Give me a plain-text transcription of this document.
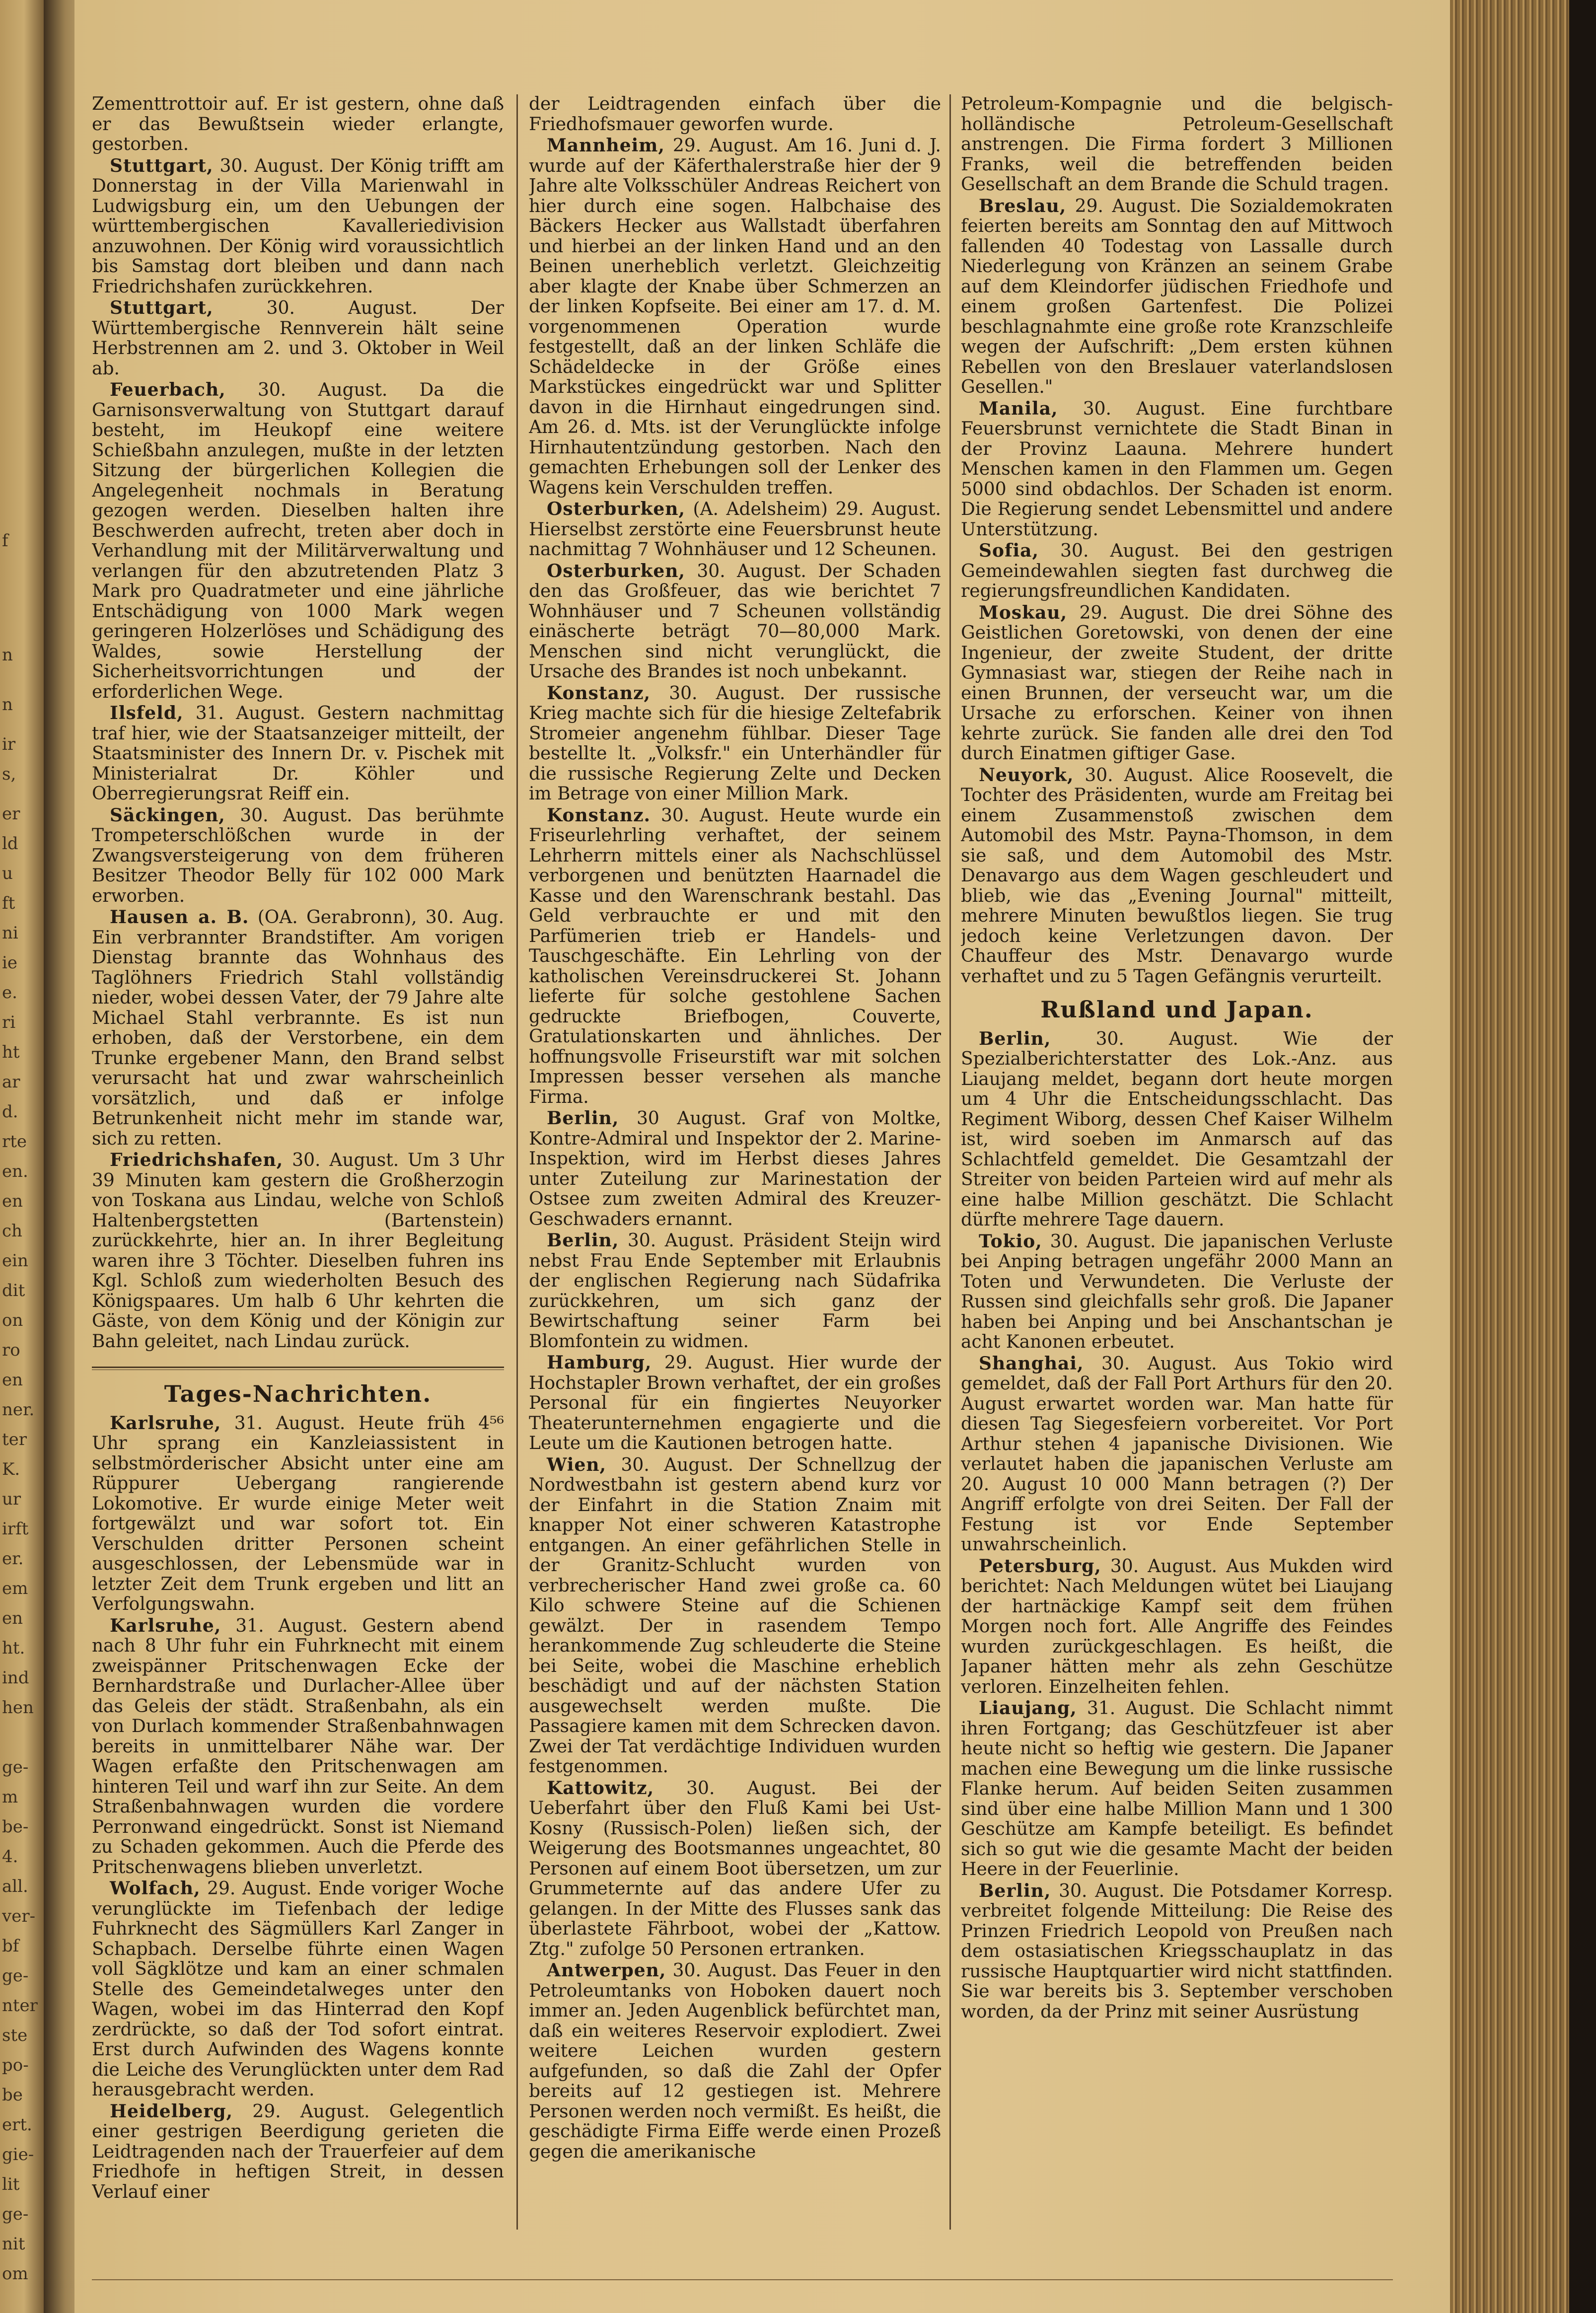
f
n
n
ir
s,
er
ld
u
ft
ni
ie
e.
ri
ht
ar
d.
rte
en.
en
ch
ein
dit
on
ro
en
ner.
ter
K.
ur
irft
er.
em
en
ht.
ind
hen
ge-
m
be-
4.
all.
ver-
bf
ge-
nter
ste
po-
be
ert.
gie-
lit
ge-
nit
om

Zementtrottoir auf. Er ist gestern, ohne daß er das Bewußtsein wieder erlangte, gestorben.

Stuttgart, 30. August. Der König trifft am Donnerstag in der Villa Marienwahl in Ludwigsburg ein, um den Uebungen der württembergischen Kavalleriedivision anzuwohnen. Der König wird voraussichtlich bis Samstag dort bleiben und dann nach Friedrichshafen zurückkehren.

Stuttgart, 30. August. Der Württembergische Rennverein hält seine Herbstrennen am 2. und 3. Oktober in Weil ab.

Feuerbach, 30. August. Da die Garnisonsverwaltung von Stuttgart darauf besteht, im Heukopf eine weitere Schießbahn anzulegen, mußte in der letzten Sitzung der bürgerlichen Kollegien die Angelegenheit nochmals in Beratung gezogen werden. Dieselben halten ihre Beschwerden aufrecht, treten aber doch in Verhandlung mit der Militärverwaltung und verlangen für den abzutretenden Platz 3 Mark pro Quadratmeter und eine jährliche Entschädigung von 1000 Mark wegen geringeren Holzerlöses und Schädigung des Waldes, sowie Herstellung der Sicherheitsvorrichtungen und der erforderlichen Wege.

Ilsfeld, 31. August. Gestern nachmittag traf hier, wie der Staatsanzeiger mitteilt, der Staatsminister des Innern Dr. v. Pischek mit Ministerialrat Dr. Köhler und Oberregierungsrat Reiff ein.

Säckingen, 30. August. Das berühmte Trompeterschlößchen wurde in der Zwangsversteigerung von dem früheren Besitzer Theodor Belly für 102 000 Mark erworben.

Hausen a. B. (OA. Gerabronn), 30. Aug. Ein verbrannter Brandstifter. Am vorigen Dienstag brannte das Wohnhaus des Taglöhners Friedrich Stahl vollständig nieder, wobei dessen Vater, der 79 Jahre alte Michael Stahl verbrannte. Es ist nun erhoben, daß der Verstorbene, ein dem Trunke ergebener Mann, den Brand selbst verursacht hat und zwar wahrscheinlich vorsätzlich, und daß er infolge Betrunkenheit nicht mehr im stande war, sich zu retten.

Friedrichshafen, 30. August. Um 3 Uhr 39 Minuten kam gestern die Großherzogin von Toskana aus Lindau, welche von Schloß Haltenbergstetten (Bartenstein) zurückkehrte, hier an. In ihrer Begleitung waren ihre 3 Töchter. Dieselben fuhren ins Kgl. Schloß zum wiederholten Besuch des Königspaares. Um halb 6 Uhr kehrten die Gäste, von dem König und der Königin zur Bahn geleitet, nach Lindau zurück.

Tages-Nachrichten.

Karlsruhe, 31. August. Heute früh 4⁵⁶ Uhr sprang ein Kanzleiassistent in selbstmörderischer Absicht unter eine am Rüppurer Uebergang rangierende Lokomotive. Er wurde einige Meter weit fortgewälzt und war sofort tot. Ein Verschulden dritter Personen scheint ausgeschlossen, der Lebensmüde war in letzter Zeit dem Trunk ergeben und litt an Verfolgungswahn.

Karlsruhe, 31. August. Gestern abend nach 8 Uhr fuhr ein Fuhrknecht mit einem zweispänner Pritschenwagen Ecke der Bernhardstraße und Durlacher-Allee über das Geleis der städt. Straßenbahn, als ein von Durlach kommender Straßenbahnwagen bereits in unmittelbarer Nähe war. Der Wagen erfaßte den Pritschenwagen am hinteren Teil und warf ihn zur Seite. An dem Straßenbahnwagen wurden die vordere Perronwand eingedrückt. Sonst ist Niemand zu Schaden gekommen. Auch die Pferde des Pritschenwagens blieben unverletzt.

Wolfach, 29. August. Ende voriger Woche verunglückte im Tiefenbach der ledige Fuhrknecht des Sägmüllers Karl Zanger in Schapbach. Derselbe führte einen Wagen voll Sägklötze und kam an einer schmalen Stelle des Gemeindetalweges unter den Wagen, wobei im das Hinterrad den Kopf zerdrückte, so daß der Tod sofort eintrat. Erst durch Aufwinden des Wagens konnte die Leiche des Verunglückten unter dem Rad herausgebracht werden.

Heidelberg, 29. August. Gelegentlich einer gestrigen Beerdigung gerieten die Leidtragenden nach der Trauerfeier auf dem Friedhofe in heftigen Streit, in dessen Verlauf einer

der Leidtragenden einfach über die Friedhofsmauer geworfen wurde.

Mannheim, 29. August. Am 16. Juni d. J. wurde auf der Käferthalerstraße hier der 9 Jahre alte Volksschüler Andreas Reichert von hier durch eine sogen. Halbchaise des Bäckers Hecker aus Wallstadt überfahren und hierbei an der linken Hand und an den Beinen unerheblich verletzt. Gleichzeitig aber klagte der Knabe über Schmerzen an der linken Kopfseite. Bei einer am 17. d. M. vorgenommenen Operation wurde festgestellt, daß an der linken Schläfe die Schädeldecke in der Größe eines Markstückes eingedrückt war und Splitter davon in die Hirnhaut eingedrungen sind. Am 26. d. Mts. ist der Verunglückte infolge Hirnhautentzündung gestorben. Nach den gemachten Erhebungen soll der Lenker des Wagens kein Verschulden treffen.

Osterburken, (A. Adelsheim) 29. August. Hierselbst zerstörte eine Feuersbrunst heute nachmittag 7 Wohnhäuser und 12 Scheunen.

Osterburken, 30. August. Der Schaden den das Großfeuer, das wie berichtet 7 Wohnhäuser und 7 Scheunen vollständig einäscherte beträgt 70—80,000 Mark. Menschen sind nicht verunglückt, die Ursache des Brandes ist noch unbekannt.

Konstanz, 30. August. Der russische Krieg machte sich für die hiesige Zeltefabrik Stromeier angenehm fühlbar. Dieser Tage bestellte lt. „Volksfr." ein Unterhändler für die russische Regierung Zelte und Decken im Betrage von einer Million Mark.

Konstanz. 30. August. Heute wurde ein Friseurlehrling verhaftet, der seinem Lehrherrn mittels einer als Nachschlüssel verborgenen und benützten Haarnadel die Kasse und den Warenschrank bestahl. Das Geld verbrauchte er und mit den Parfümerien trieb er Handels- und Tauschgeschäfte. Ein Lehrling von der katholischen Vereinsdruckerei St. Johann lieferte für solche gestohlene Sachen gedruckte Briefbogen, Couverte, Gratulationskarten und ähnliches. Der hoffnungsvolle Friseurstift war mit solchen Impressen besser versehen als manche Firma.

Berlin, 30 August. Graf von Moltke, Kontre-Admiral und Inspektor der 2. Marine-Inspektion, wird im Herbst dieses Jahres unter Zuteilung zur Marinestation der Ostsee zum zweiten Admiral des Kreuzer-Geschwaders ernannt.

Berlin, 30. August. Präsident Steijn wird nebst Frau Ende September mit Erlaubnis der englischen Regierung nach Südafrika zurückkehren, um sich ganz der Bewirtschaftung seiner Farm bei Blomfontein zu widmen.

Hamburg, 29. August. Hier wurde der Hochstapler Brown verhaftet, der ein großes Personal für ein fingiertes Neuyorker Theaterunternehmen engagierte und die Leute um die Kautionen betrogen hatte.

Wien, 30. August. Der Schnellzug der Nordwestbahn ist gestern abend kurz vor der Einfahrt in die Station Znaim mit knapper Not einer schweren Katastrophe entgangen. An einer gefährlichen Stelle in der Granitz-Schlucht wurden von verbrecherischer Hand zwei große ca. 60 Kilo schwere Steine auf die Schienen gewälzt. Der in rasendem Tempo herankommende Zug schleuderte die Steine bei Seite, wobei die Maschine erheblich beschädigt und auf der nächsten Station ausgewechselt werden mußte. Die Passagiere kamen mit dem Schrecken davon. Zwei der Tat verdächtige Individuen wurden festgenommen.

Kattowitz, 30. August. Bei der Ueberfahrt über den Fluß Kami bei Ust-Kosny (Russisch-Polen) ließen sich, der Weigerung des Bootsmannes ungeachtet, 80 Personen auf einem Boot übersetzen, um zur Grummeternte auf das andere Ufer zu gelangen. In der Mitte des Flusses sank das überlastete Fährboot, wobei der „Kattow. Ztg." zufolge 50 Personen ertranken.

Antwerpen, 30. August. Das Feuer in den Petroleumtanks von Hoboken dauert noch immer an. Jeden Augenblick befürchtet man, daß ein weiteres Reservoir explodiert. Zwei weitere Leichen wurden gestern aufgefunden, so daß die Zahl der Opfer bereits auf 12 gestiegen ist. Mehrere Personen werden noch vermißt. Es heißt, die geschädigte Firma Eiffe werde einen Prozeß gegen die amerikanische

Petroleum-Kompagnie und die belgisch-holländische Petroleum-Gesellschaft anstrengen. Die Firma fordert 3 Millionen Franks, weil die betreffenden beiden Gesellschaft an dem Brande die Schuld tragen.

Breslau, 29. August. Die Sozialdemokraten feierten bereits am Sonntag den auf Mittwoch fallenden 40 Todestag von Lassalle durch Niederlegung von Kränzen an seinem Grabe auf dem Kleindorfer jüdischen Friedhofe und einem großen Gartenfest. Die Polizei beschlagnahmte eine große rote Kranzschleife wegen der Aufschrift: „Dem ersten kühnen Rebellen von den Breslauer vaterlandslosen Gesellen."

Manila, 30. August. Eine furchtbare Feuersbrunst vernichtete die Stadt Binan in der Provinz Laauna. Mehrere hundert Menschen kamen in den Flammen um. Gegen 5000 sind obdachlos. Der Schaden ist enorm. Die Regierung sendet Lebensmittel und andere Unterstützung.

Sofia, 30. August. Bei den gestrigen Gemeindewahlen siegten fast durchweg die regierungsfreundlichen Kandidaten.

Moskau, 29. August. Die drei Söhne des Geistlichen Goretowski, von denen der eine Ingenieur, der zweite Student, der dritte Gymnasiast war, stiegen der Reihe nach in einen Brunnen, der verseucht war, um die Ursache zu erforschen. Keiner von ihnen kehrte zurück. Sie fanden alle drei den Tod durch Einatmen giftiger Gase.

Neuyork, 30. August. Alice Roosevelt, die Tochter des Präsidenten, wurde am Freitag bei einem Zusammenstoß zwischen dem Automobil des Mstr. Payna-Thomson, in dem sie saß, und dem Automobil des Mstr. Denavargo aus dem Wagen geschleudert und blieb, wie das „Evening Journal" mitteilt, mehrere Minuten bewußtlos liegen. Sie trug jedoch keine Verletzungen davon. Der Chauffeur des Mstr. Denavargo wurde verhaftet und zu 5 Tagen Gefängnis verurteilt.

Rußland und Japan.

Berlin, 30. August. Wie der Spezialberichterstatter des Lok.-Anz. aus Liaujang meldet, begann dort heute morgen um 4 Uhr die Entscheidungsschlacht. Das Regiment Wiborg, dessen Chef Kaiser Wilhelm ist, wird soeben im Anmarsch auf das Schlachtfeld gemeldet. Die Gesamtzahl der Streiter von beiden Parteien wird auf mehr als eine halbe Million geschätzt. Die Schlacht dürfte mehrere Tage dauern.

Tokio, 30. August. Die japanischen Verluste bei Anping betragen ungefähr 2000 Mann an Toten und Verwundeten. Die Verluste der Russen sind gleichfalls sehr groß. Die Japaner haben bei Anping und bei Anschantschan je acht Kanonen erbeutet.

Shanghai, 30. August. Aus Tokio wird gemeldet, daß der Fall Port Arthurs für den 20. August erwartet worden war. Man hatte für diesen Tag Siegesfeiern vorbereitet. Vor Port Arthur stehen 4 japanische Divisionen. Wie verlautet haben die japanischen Verluste am 20. August 10 000 Mann betragen (?) Der Angriff erfolgte von drei Seiten. Der Fall der Festung ist vor Ende September unwahrscheinlich.

Petersburg, 30. August. Aus Mukden wird berichtet: Nach Meldungen wütet bei Liaujang der hartnäckige Kampf seit dem frühen Morgen noch fort. Alle Angriffe des Feindes wurden zurückgeschlagen. Es heißt, die Japaner hätten mehr als zehn Geschütze verloren. Einzelheiten fehlen.

Liaujang, 31. August. Die Schlacht nimmt ihren Fortgang; das Geschützfeuer ist aber heute nicht so heftig wie gestern. Die Japaner machen eine Bewegung um die linke russische Flanke herum. Auf beiden Seiten zusammen sind über eine halbe Million Mann und 1 300 Geschütze am Kampfe beteiligt. Es befindet sich so gut wie die gesamte Macht der beiden Heere in der Feuerlinie.

Berlin, 30. August. Die Potsdamer Korresp. verbreitet folgende Mitteilung: Die Reise des Prinzen Friedrich Leopold von Preußen nach dem ostasiatischen Kriegsschauplatz in das russische Hauptquartier wird nicht stattfinden. Sie war bereits bis 3. September verschoben worden, da der Prinz mit seiner Ausrüstung
